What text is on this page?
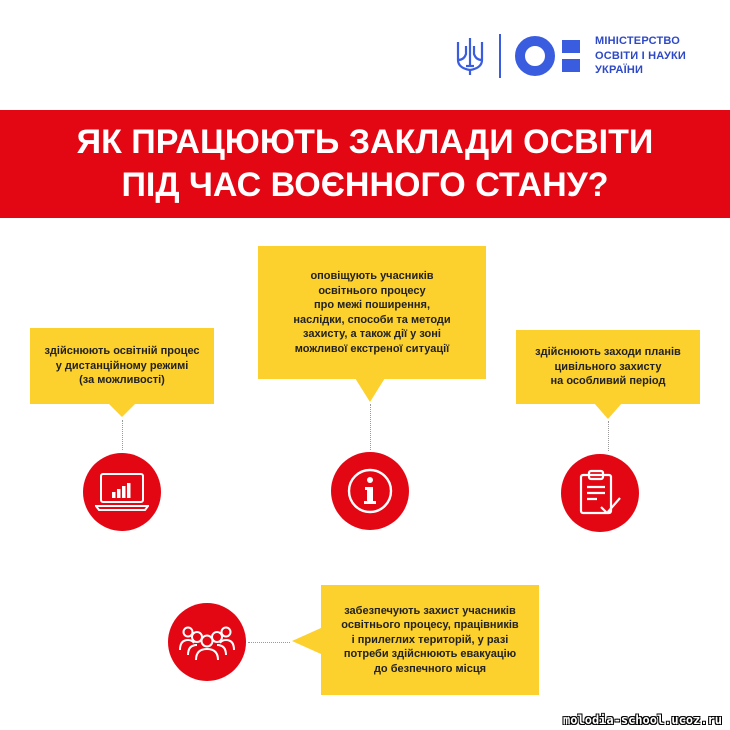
МІНІСТЕРСТВО
ОСВІТИ І НАУКИ
УКРАЇНИ
ЯК ПРАЦЮЮТЬ ЗАКЛАДИ ОСВІТИ
ПІД ЧАС ВОЄННОГО СТАНУ?
здійснюють освітній процес
у дистанційному режимі
(за можливості)
оповіщують учасників
освітнього процесу
про межі поширення,
наслідки, способи та методи
захисту, а також дії у зоні
можливої екстреної ситуації	здійснюють заходи планів
цивільного захисту
на особливий період
забезпечують захист учасників
освітнього процесу, працівників
і прилеглих територій, у разі
потреби здійснюють евакуацію
до безпечного місця
molodia-school.ucoz.ru
